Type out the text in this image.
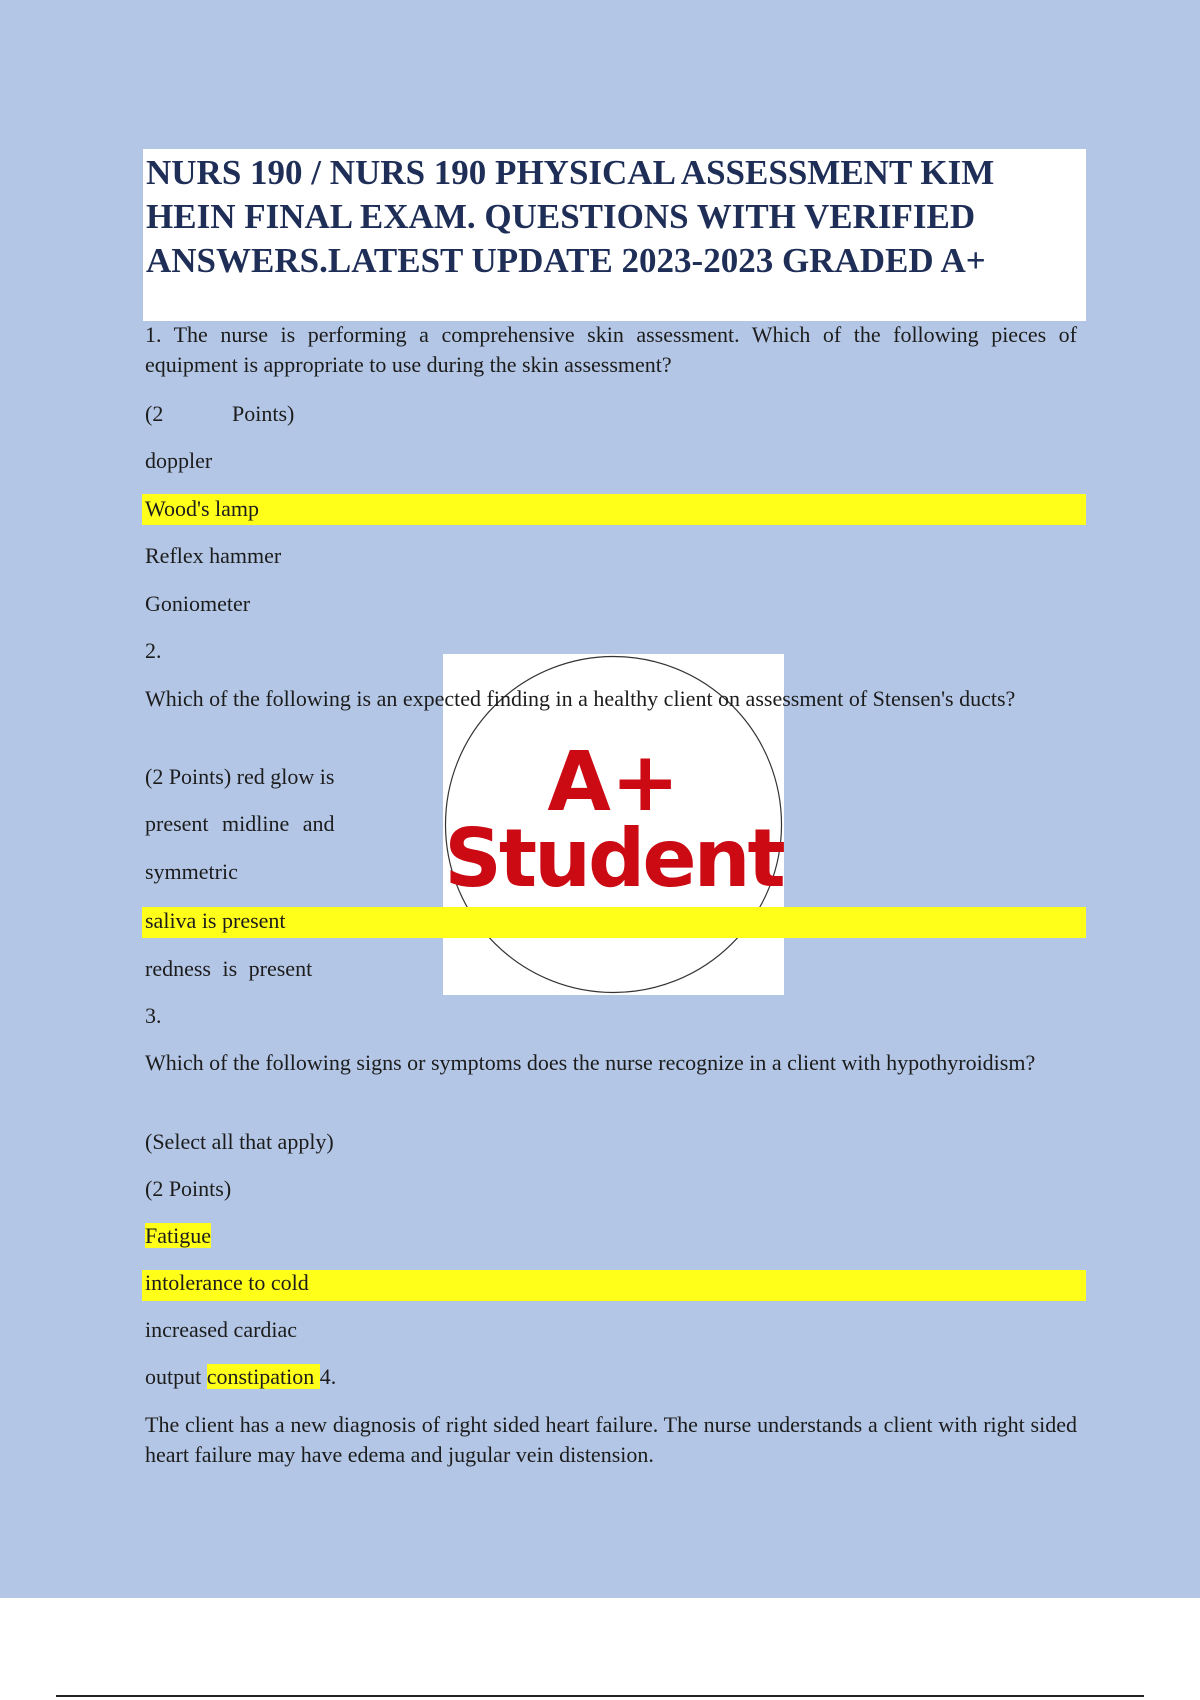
NURS 190 / NURS 190 PHYSICAL ASSESSMENT KIM HEIN FINAL EXAM. QUESTIONS WITH VERIFIED ANSWERS.LATEST UPDATE 2023-2023 GRADED A+

1. The nurse is performing a comprehensive skin assessment. Which of the following pieces of equipment is appropriate to use during the skin assessment?

(2	Points)

doppler

Wood's lamp

Reflex hammer

Goniometer

2.

A+
Student

Which of the following is an expected finding in a healthy client on assessment of Stensen's ducts?

(2 Points) red glow is

present midline and

symmetric

saliva is present

redness is present

3.

Which of the following signs or symptoms does the nurse recognize in a client with hypothyroidism?

(Select all that apply)

(2 Points)

Fatigue

intolerance to cold

increased cardiac

output constipation 4.

The client has a new diagnosis of right sided heart failure. The nurse understands a client with right sided heart failure may have edema and jugular vein distension.
